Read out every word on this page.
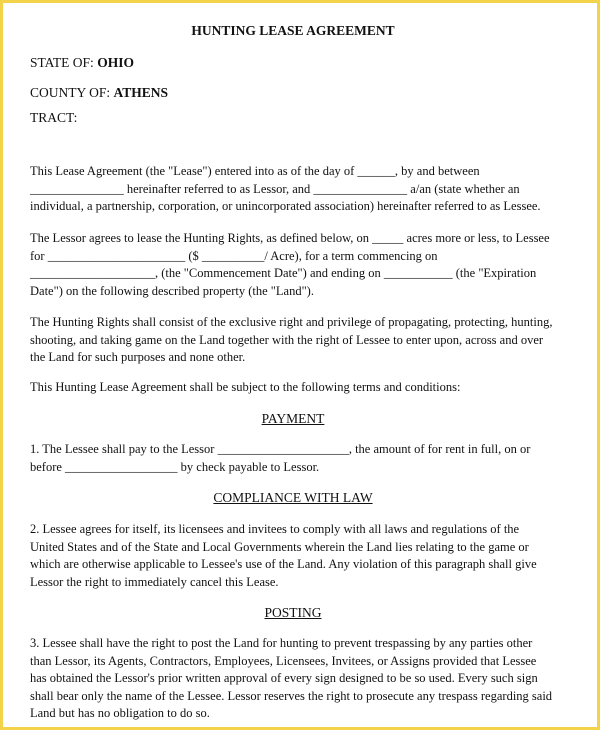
HUNTING LEASE AGREEMENT
STATE OF: OHIO
COUNTY OF: ATHENS
TRACT:
This Lease Agreement (the "Lease") entered into as of the day of ______, by and between
_______________ hereinafter referred to as Lessor, and _______________ a/an (state whether an
individual, a partnership, corporation, or unincorporated association) hereinafter referred to as Lessee.
The Lessor agrees to lease the Hunting Rights, as defined below, on _____ acres more or less, to Lessee
for ______________________ ($ __________/ Acre), for a term commencing on
____________________, (the "Commencement Date") and ending on ___________ (the "Expiration
Date") on the following described property (the "Land").
The Hunting Rights shall consist of the exclusive right and privilege of propagating, protecting, hunting,
shooting, and taking game on the Land together with the right of Lessee to enter upon, across and over
the Land for such purposes and none other.
This Hunting Lease Agreement shall be subject to the following terms and conditions:
PAYMENT
1. The Lessee shall pay to the Lessor _____________________, the amount of for rent in full, on or
before __________________ by check payable to Lessor.
COMPLIANCE WITH LAW
2. Lessee agrees for itself, its licensees and invitees to comply with all laws and regulations of the
United States and of the State and Local Governments wherein the Land lies relating to the game or
which are otherwise applicable to Lessee's use of the Land. Any violation of this paragraph shall give
Lessor the right to immediately cancel this Lease.
POSTING
3. Lessee shall have the right to post the Land for hunting to prevent trespassing by any parties other
than Lessor, its Agents, Contractors, Employees, Licensees, Invitees, or Assigns provided that Lessee
has obtained the Lessor's prior written approval of every sign designed to be so used. Every such sign
shall bear only the name of the Lessee. Lessor reserves the right to prosecute any trespass regarding said
Land but has no obligation to do so.
